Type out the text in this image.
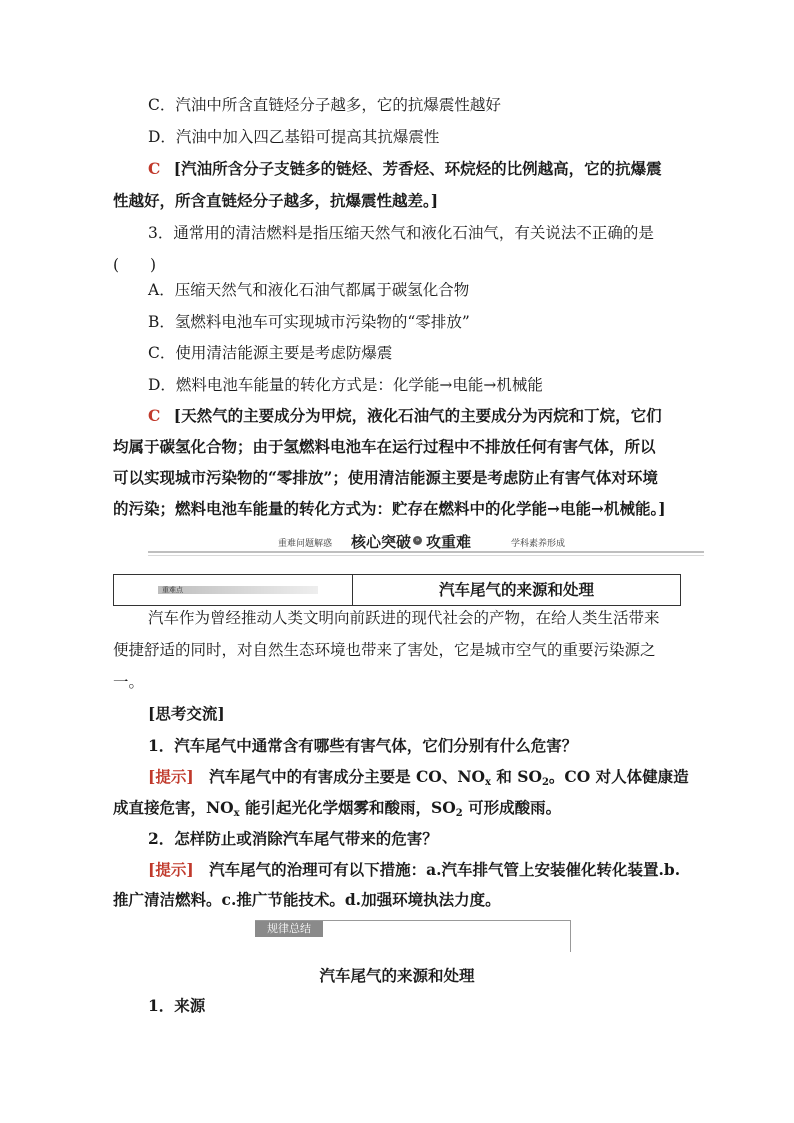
C．汽油中所含直链烃分子越多，它的抗爆震性越好
D．汽油中加入四乙基铅可提高其抗爆震性
C [汽油所含分子支链多的链烃、芳香烃、环烷烃的比例越高，它的抗爆震
性越好，所含直链烃分子越多，抗爆震性越差。]
3．通常用的清洁燃料是指压缩天然气和液化石油气，有关说法不正确的是
(　　)
A．压缩天然气和液化石油气都属于碳氢化合物
B．氢燃料电池车可实现城市污染物的“零排放”
C．使用清洁能源主要是考虑防爆震
D．燃料电池车能量的转化方式是：化学能→电能→机械能
C [天然气的主要成分为甲烷，液化石油气的主要成分为丙烷和丁烷，它们
均属于碳氢化合物；由于氢燃料电池车在运行过程中不排放任何有害气体，所以
可以实现城市污染物的“零排放”；使用清洁能源主要是考虑防止有害气体对环境
的污染；燃料电池车能量的转化方式为：贮存在燃料中的化学能→电能→机械能。]
重难问题解惑 核心突破 » 攻重难	学科素养形成
重难点	汽车尾气的来源和处理
汽车作为曾经推动人类文明向前跃进的现代社会的产物，在给人类生活带来
便捷舒适的同时，对自然生态环境也带来了害处，它是城市空气的重要污染源之
一。
[思考交流]
1．汽车尾气中通常含有哪些有害气体，它们分别有什么危害？
[提示] 汽车尾气中的有害成分主要是 CO、$NO_x$ 和 $SO_2$。CO 对人体健康造
成直接危害，$NO_x$ 能引起光化学烟雾和酸雨，$SO_2$ 可形成酸雨。
2．怎样防止或消除汽车尾气带来的危害？
[提示] 汽车尾气的治理可有以下措施：a.汽车排气管上安装催化转化装置.b.
推广清洁燃料。c.推广节能技术。d.加强环境执法力度。
规律总结
汽车尾气的来源和处理
1．来源
